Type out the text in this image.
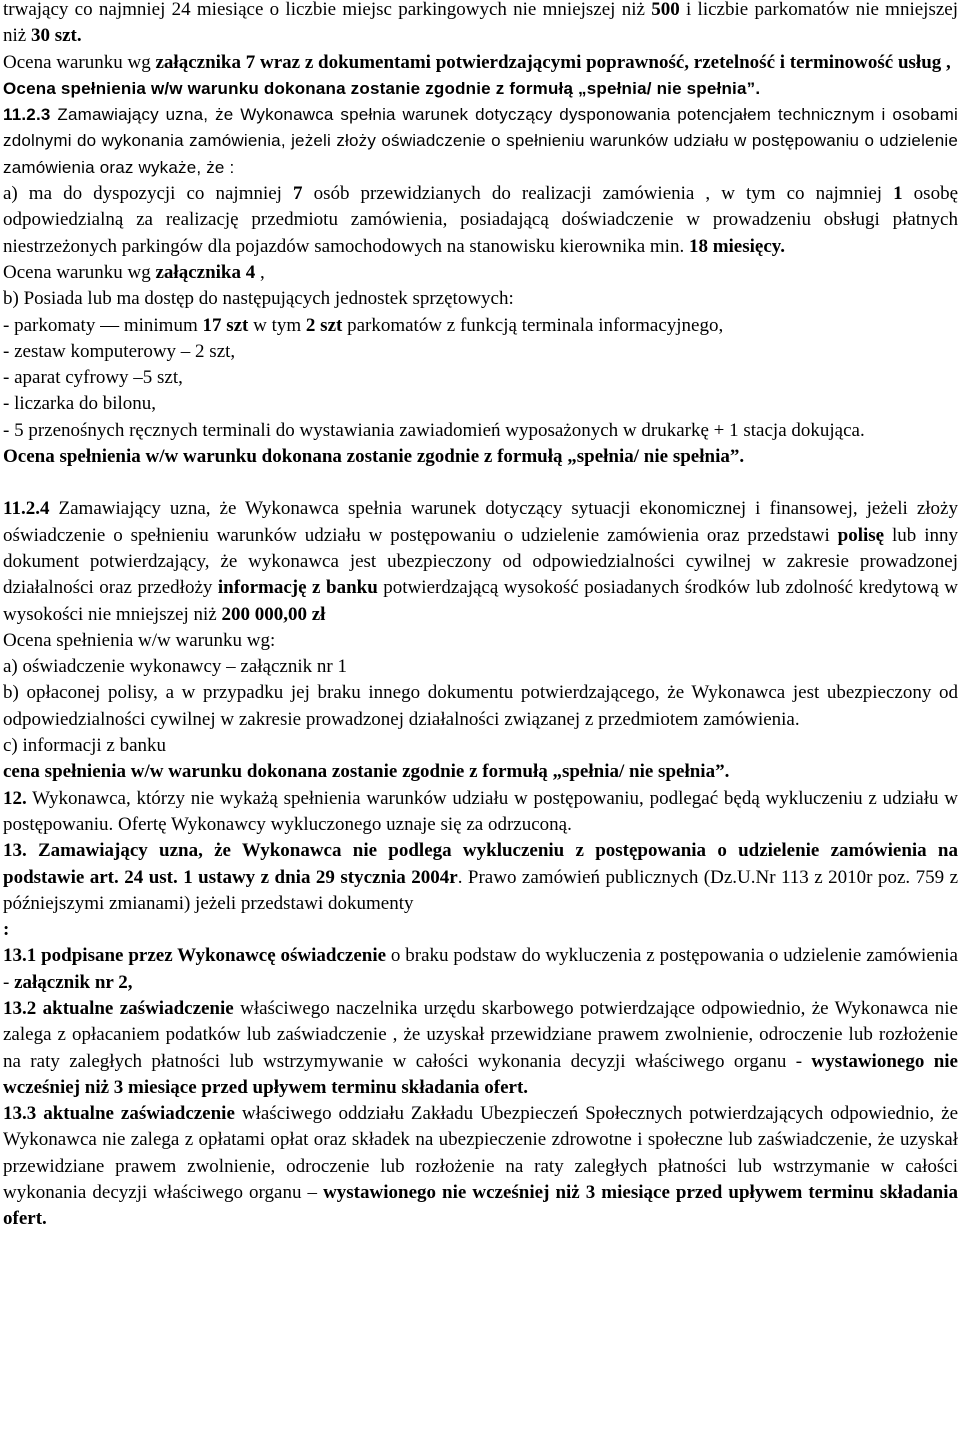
trwający co najmniej 24 miesiące o liczbie miejsc parkingowych nie mniejszej niż 500 i liczbie parkomatów nie mniejszej niż 30 szt.

Ocena warunku wg załącznika 7 wraz z dokumentami potwierdzającymi poprawność, rzetelność i terminowość usług ,

Ocena spełnienia w/w warunku dokonana zostanie zgodnie z formułą „spełnia/ nie spełnia”.

11.2.3 Zamawiający uzna, że Wykonawca spełnia warunek dotyczący dysponowania potencjałem technicznym i osobami zdolnymi do wykonania zamówienia, jeżeli złoży oświadczenie o spełnieniu warunków udziału w postępowaniu o udzielenie zamówienia oraz wykaże, że :

a) ma do dyspozycji co najmniej 7 osób przewidzianych do realizacji zamówienia , w tym co najmniej 1 osobę odpowiedzialną za realizację przedmiotu zamówienia, posiadającą doświadczenie w prowadzeniu obsługi płatnych niestrzeżonych parkingów dla pojazdów samochodowych na stanowisku kierownika min. 18 miesięcy.

Ocena warunku wg załącznika 4 ,

b) Posiada lub ma dostęp do następujących jednostek sprzętowych:

- parkomaty — minimum 17 szt w tym 2 szt parkomatów z funkcją terminala informacyjnego,

- zestaw komputerowy – 2 szt,

- aparat cyfrowy –5 szt,

- liczarka do bilonu,

- 5 przenośnych ręcznych terminali do wystawiania zawiadomień wyposażonych w drukarkę + 1 stacja dokująca.

Ocena spełnienia w/w warunku dokonana zostanie zgodnie z formułą „spełnia/ nie spełnia”.

11.2.4 Zamawiający uzna, że Wykonawca spełnia warunek dotyczący sytuacji ekonomicznej i finansowej, jeżeli złoży oświadczenie o spełnieniu warunków udziału w postępowaniu o udzielenie zamówienia oraz przedstawi polisę lub inny dokument potwierdzający, że wykonawca jest ubezpieczony od odpowiedzialności cywilnej w zakresie prowadzonej działalności oraz przedłoży informację z banku potwierdzającą wysokość posiadanych środków lub zdolność kredytową w wysokości nie mniejszej niż 200 000,00 zł

Ocena spełnienia w/w warunku wg:

a) oświadczenie wykonawcy – załącznik nr 1

b) opłaconej polisy, a w przypadku jej braku innego dokumentu potwierdzającego, że Wykonawca jest ubezpieczony od odpowiedzialności cywilnej w zakresie prowadzonej działalności związanej z przedmiotem zamówienia.

c) informacji z banku

cena spełnienia w/w warunku dokonana zostanie zgodnie z formułą „spełnia/ nie spełnia”.

12. Wykonawca, którzy nie wykażą spełnienia warunków udziału w postępowaniu, podlegać będą wykluczeniu z udziału w postępowaniu. Ofertę Wykonawcy wykluczonego uznaje się za odrzuconą.

13. Zamawiający uzna, że Wykonawca nie podlega wykluczeniu z postępowania o udzielenie zamówienia na podstawie art. 24 ust. 1 ustawy z dnia 29 stycznia 2004r. Prawo zamówień publicznych (Dz.U.Nr 113 z 2010r poz. 759 z późniejszymi zmianami) jeżeli przedstawi dokumenty

:

13.1 podpisane przez Wykonawcę oświadczenie o braku podstaw do wykluczenia z postępowania o udzielenie zamówienia - załącznik nr 2,

13.2 aktualne zaświadczenie właściwego naczelnika urzędu skarbowego potwierdzające odpowiednio, że Wykonawca nie zalega z opłacaniem podatków lub zaświadczenie , że uzyskał przewidziane prawem zwolnienie, odroczenie lub rozłożenie na raty zaległych płatności lub wstrzymywanie w całości wykonania decyzji właściwego organu - wystawionego nie wcześniej niż 3 miesiące przed upływem terminu składania ofert.

13.3 aktualne zaświadczenie właściwego oddziału Zakładu Ubezpieczeń Społecznych potwierdzających odpowiednio, że Wykonawca nie zalega z opłatami opłat oraz składek na ubezpieczenie zdrowotne i społeczne lub zaświadczenie, że uzyskał przewidziane prawem zwolnienie, odroczenie lub rozłożenie na raty zaległych płatności lub wstrzymanie w całości wykonania decyzji właściwego organu – wystawionego nie wcześniej niż 3 miesiące przed upływem terminu składania ofert.
